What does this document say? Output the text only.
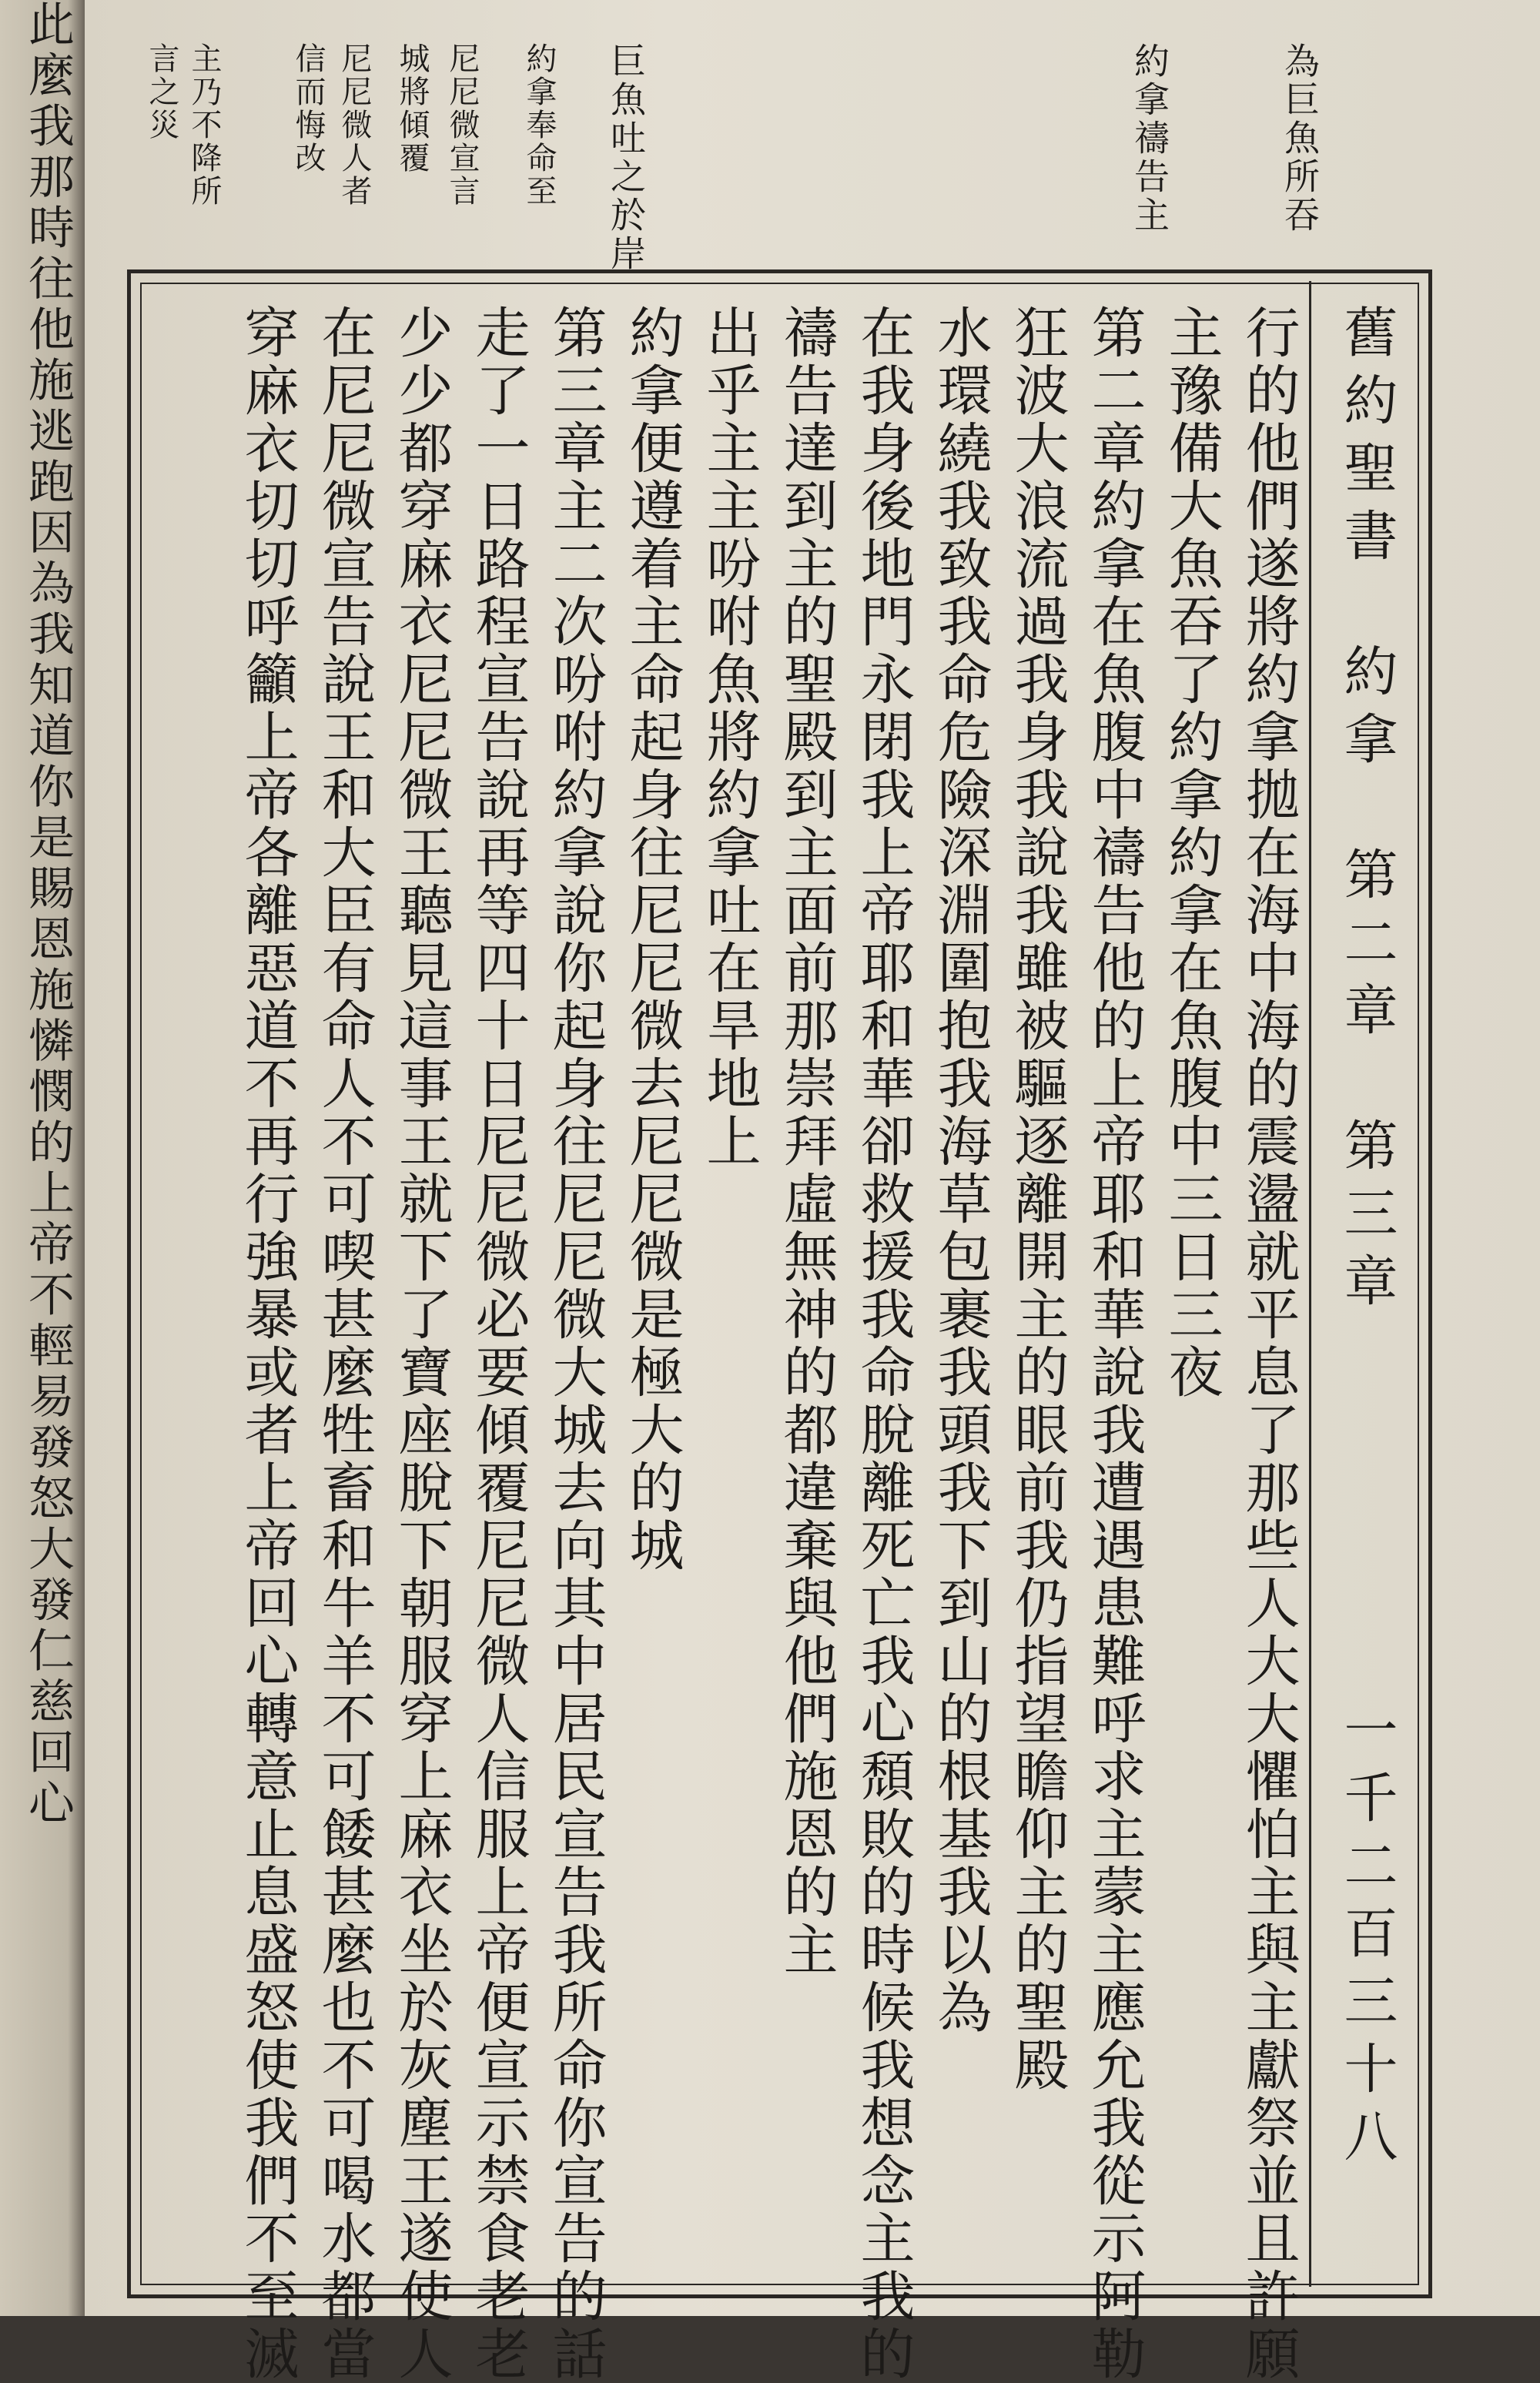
此麼我那時往他施逃跑因為我知道你是賜恩施憐憫的上帝不輕易發怒大發仁慈回心	為巨魚所吞
約拿禱告主
巨魚吐之於岸
約拿奉命至
尼尼微宣言
城將傾覆
尼尼微人者
信而悔改
主乃不降所
言之災
舊約聖書　約拿　第二章　第三章
一千二百三十八
行的他們遂將約拿拋在海中海的震盪就平息了那些人大大懼怕主與主獻祭並且許願
主豫備大魚吞了約拿約拿在魚腹中三日三夜
第二章約拿在魚腹中禱告他的上帝耶和華說我遭遇患難呼求主蒙主應允我從示阿勒
狂波大浪流過我身我說我雖被驅逐離開主的眼前我仍指望瞻仰主的聖殿
水環繞我致我命危險深淵圍抱我海草包裹我頭我下到山的根基我以為
在我身後地門永閉我上帝耶和華卻救援我命脫離死亡我心頹敗的時候我想念主我的
禱告達到主的聖殿到主面前那崇拜虛無神的都違棄與他們施恩的主
出乎主主吩咐魚將約拿吐在旱地上
約拿便遵着主命起身往尼尼微去尼尼微是極大的城
第三章主二次吩咐約拿說你起身往尼尼微大城去向其中居民宣告我所命你宣告的話
走了一日路程宣告說再等四十日尼尼微必要傾覆尼尼微人信服上帝便宣示禁食老老
少少都穿麻衣尼尼微王聽見這事王就下了寶座脫下朝服穿上麻衣坐於灰塵王遂使人
在尼尼微宣告說王和大臣有命人不可喫甚麼牲畜和牛羊不可餧甚麼也不可喝水都當
穿麻衣切切呼籲上帝各離惡道不再行強暴或者上帝回心轉意止息盛怒使我們不至滅
